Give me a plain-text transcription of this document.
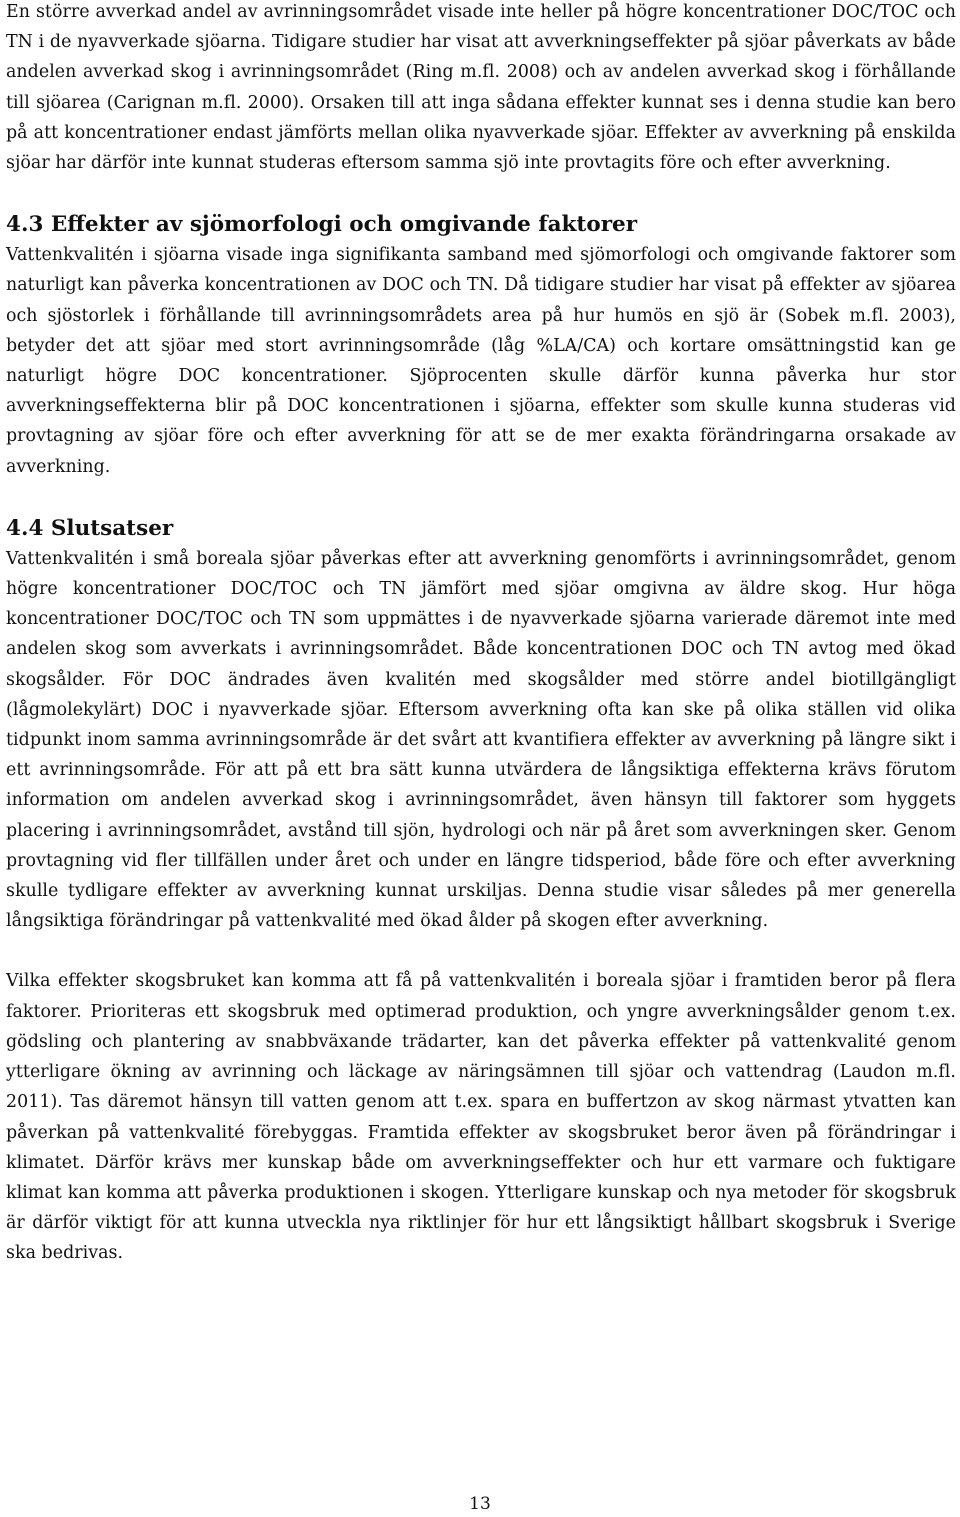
En större avverkad andel av avrinningsområdet visade inte heller på högre koncentrationer DOC/TOC och TN i de nyavverkade sjöarna. Tidigare studier har visat att avverkningseffekter på sjöar påverkats av både andelen avverkad skog i avrinningsområdet (Ring m.fl. 2008) och av andelen avverkad skog i förhållande till sjöarea (Carignan m.fl. 2000). Orsaken till att inga sådana effekter kunnat ses i denna studie kan bero på att koncentrationer endast jämförts mellan olika nyavverkade sjöar. Effekter av avverkning på enskilda sjöar har därför inte kunnat studeras eftersom samma sjö inte provtagits före och efter avverkning.

4.3 Effekter av sjömorfologi och omgivande faktorer

Vattenkvalitén i sjöarna visade inga signifikanta samband med sjömorfologi och omgivande faktorer som naturligt kan påverka koncentrationen av DOC och TN. Då tidigare studier har visat på effekter av sjöarea och sjöstorlek i förhållande till avrinningsområdets area på hur humös en sjö är (Sobek m.fl. 2003), betyder det att sjöar med stort avrinningsområde (låg %LA/CA) och kortare omsättningstid kan ge naturligt högre DOC koncentrationer. Sjöprocenten skulle därför kunna påverka hur stor avverkningseffekterna blir på DOC koncentrationen i sjöarna, effekter som skulle kunna studeras vid provtagning av sjöar före och efter avverkning för att se de mer exakta förändringarna orsakade av avverkning.

4.4 Slutsatser

Vattenkvalitén i små boreala sjöar påverkas efter att avverkning genomförts i avrinningsområdet, genom högre koncentrationer DOC/TOC och TN jämfört med sjöar omgivna av äldre skog. Hur höga koncentrationer DOC/TOC och TN som uppmättes i de nyavverkade sjöarna varierade däremot inte med andelen skog som avverkats i avrinningsområdet. Både koncentrationen DOC och TN avtog med ökad skogsålder. För DOC ändrades även kvalitén med skogsålder med större andel biotillgängligt (lågmolekylärt) DOC i nyavverkade sjöar. Eftersom avverkning ofta kan ske på olika ställen vid olika tidpunkt inom samma avrinningsområde är det svårt att kvantifiera effekter av avverkning på längre sikt i ett avrinningsområde. För att på ett bra sätt kunna utvärdera de långsiktiga effekterna krävs förutom information om andelen avverkad skog i avrinningsområdet, även hänsyn till faktorer som hyggets placering i avrinningsområdet, avstånd till sjön, hydrologi och när på året som avverkningen sker. Genom provtagning vid fler tillfällen under året och under en längre tidsperiod, både före och efter avverkning skulle tydligare effekter av avverkning kunnat urskiljas. Denna studie visar således på mer generella långsiktiga förändringar på vattenkvalité med ökad ålder på skogen efter avverkning.

Vilka effekter skogsbruket kan komma att få på vattenkvalitén i boreala sjöar i framtiden beror på flera faktorer. Prioriteras ett skogsbruk med optimerad produktion, och yngre avverkningsålder genom t.ex. gödsling och plantering av snabbväxande trädarter, kan det påverka effekter på vattenkvalité genom ytterligare ökning av avrinning och läckage av näringsämnen till sjöar och vattendrag (Laudon m.fl. 2011). Tas däremot hänsyn till vatten genom att t.ex. spara en buffertzon av skog närmast ytvatten kan påverkan på vattenkvalité förebyggas. Framtida effekter av skogsbruket beror även på förändringar i klimatet. Därför krävs mer kunskap både om avverkningseffekter och hur ett varmare och fuktigare klimat kan komma att påverka produktionen i skogen. Ytterligare kunskap och nya metoder för skogsbruk är därför viktigt för att kunna utveckla nya riktlinjer för hur ett långsiktigt hållbart skogsbruk i Sverige ska bedrivas.

13
